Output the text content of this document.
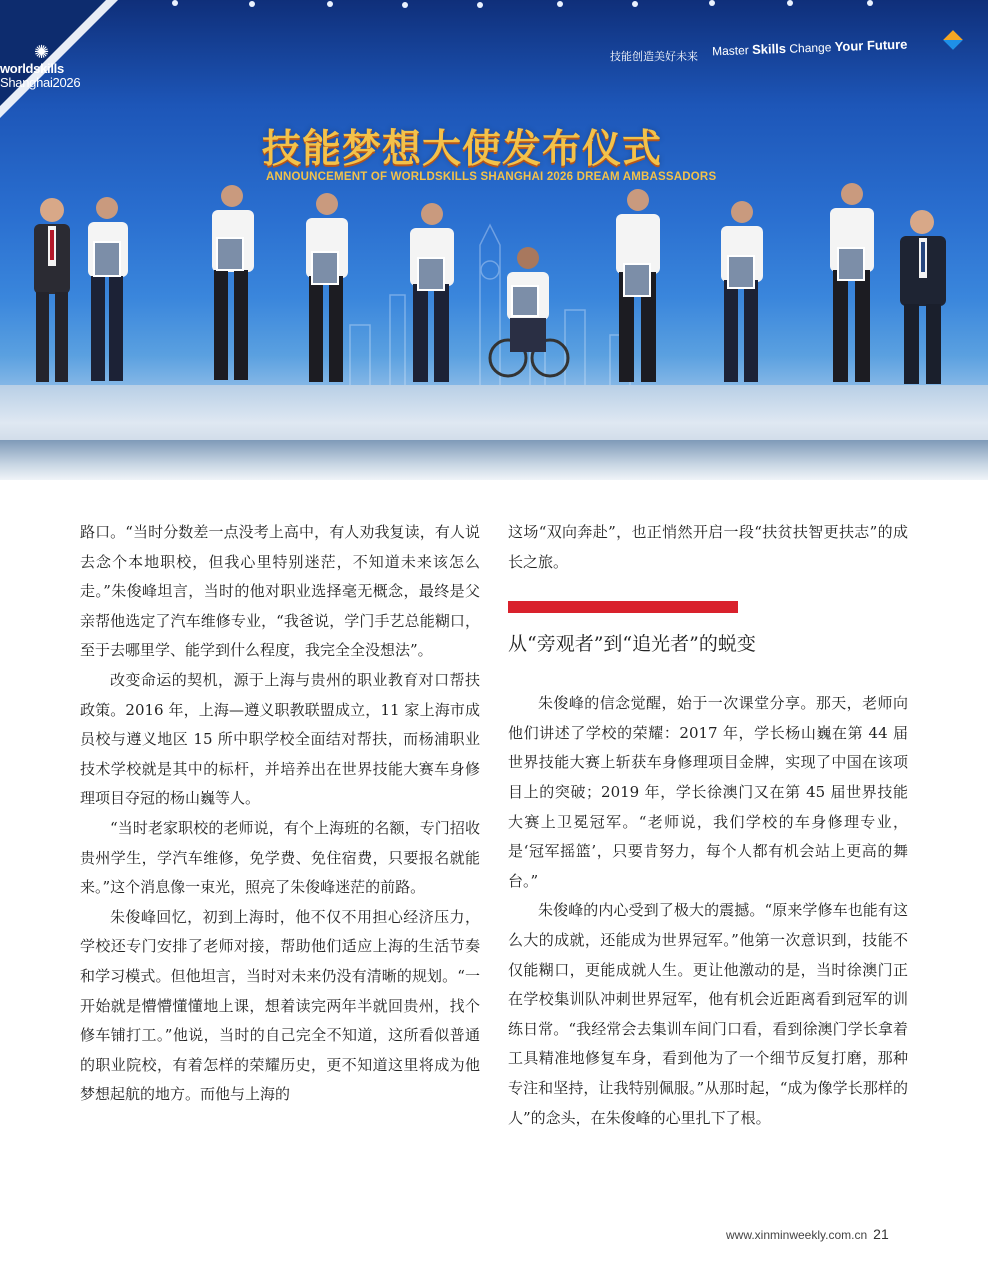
✺
worldskills
Shanghai2026
技能创造美好未来 Master Skills Change Your Future
技能梦想大使发布仪式
ANNOUNCEMENT OF WORLDSKILLS SHANGHAI 2026 DREAM AMBASSADORS

路口。“当时分数差一点没考上高中，有人劝我复读，有人说去念个本地职校，但我心里特别迷茫，不知道未来该怎么走。”朱俊峰坦言，当时的他对职业选择毫无概念，最终是父亲帮他选定了汽车维修专业，“我爸说，学门手艺总能糊口，至于去哪里学、能学到什么程度，我完全全没想法”。

改变命运的契机，源于上海与贵州的职业教育对口帮扶政策。2016 年，上海—遵义职教联盟成立，11 家上海市成员校与遵义地区 15 所中职学校全面结对帮扶，而杨浦职业技术学校就是其中的标杆，并培养出在世界技能大赛车身修理项目夺冠的杨山巍等人。

“当时老家职校的老师说，有个上海班的名额，专门招收贵州学生，学汽车维修，免学费、免住宿费，只要报名就能来。”这个消息像一束光，照亮了朱俊峰迷茫的前路。

朱俊峰回忆，初到上海时，他不仅不用担心经济压力，学校还专门安排了老师对接，帮助他们适应上海的生活节奏和学习模式。但他坦言，当时对未来仍没有清晰的规划。“一开始就是懵懵懂懂地上课，想着读完两年半就回贵州，找个修车铺打工。”他说，当时的自己完全不知道，这所看似普通的职业院校，有着怎样的荣耀历史，更不知道这里将成为他梦想起航的地方。而他与上海的

这场“双向奔赴”，也正悄然开启一段“扶贫扶智更扶志”的成长之旅。

从“旁观者”到“追光者”的蜕变

朱俊峰的信念觉醒，始于一次课堂分享。那天，老师向他们讲述了学校的荣耀：2017 年，学长杨山巍在第 44 届世界技能大赛上斩获车身修理项目金牌，实现了中国在该项目上的突破；2019 年，学长徐澳门又在第 45 届世界技能大赛上卫冕冠军。“老师说，我们学校的车身修理专业，是‘冠军摇篮’，只要肯努力，每个人都有机会站上更高的舞台。”

朱俊峰的内心受到了极大的震撼。“原来学修车也能有这么大的成就，还能成为世界冠军。”他第一次意识到，技能不仅能糊口，更能成就人生。更让他激动的是，当时徐澳门正在学校集训队冲刺世界冠军，他有机会近距离看到冠军的训练日常。“我经常会去集训车间门口看，看到徐澳门学长拿着工具精准地修复车身，看到他为了一个细节反复打磨，那种专注和坚持，让我特别佩服。”从那时起，“成为像学长那样的人”的念头，在朱俊峰的心里扎下了根。

www.xinminweekly.com.cn 21
